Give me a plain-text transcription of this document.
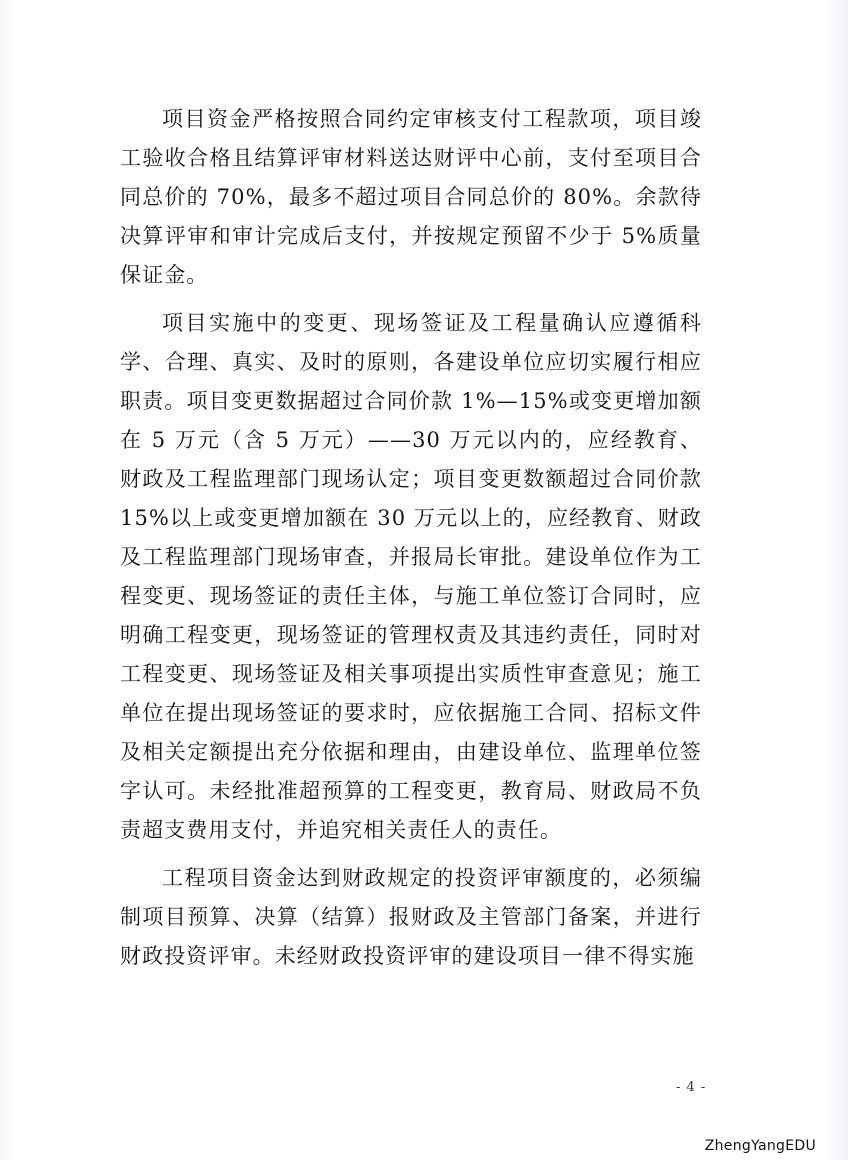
项目资金严格按照合同约定审核支付工程款项，项目竣工验收合格且结算评审材料送达财评中心前，支付至项目合同总价的 70%，最多不超过项目合同总价的 80%。余款待决算评审和审计完成后支付，并按规定预留不少于 5%质量保证金。

项目实施中的变更、现场签证及工程量确认应遵循科学、合理、真实、及时的原则，各建设单位应切实履行相应职责。项目变更数据超过合同价款 1%—15%或变更增加额在 5 万元（含 5 万元）——30 万元以内的，应经教育、财政及工程监理部门现场认定；项目变更数额超过合同价款 15%以上或变更增加额在 30 万元以上的，应经教育、财政及工程监理部门现场审查，并报局长审批。建设单位作为工程变更、现场签证的责任主体，与施工单位签订合同时，应明确工程变更，现场签证的管理权责及其违约责任，同时对工程变更、现场签证及相关事项提出实质性审查意见；施工单位在提出现场签证的要求时，应依据施工合同、招标文件及相关定额提出充分依据和理由，由建设单位、监理单位签字认可。未经批准超预算的工程变更，教育局、财政局不负责超支费用支付，并追究相关责任人的责任。

工程项目资金达到财政规定的投资评审额度的，必须编制项目预算、决算（结算）报财政及主管部门备案，并进行财政投资评审。未经财政投资评审的建设项目一律不得实施

- 4 -
ZhengYangEDU
